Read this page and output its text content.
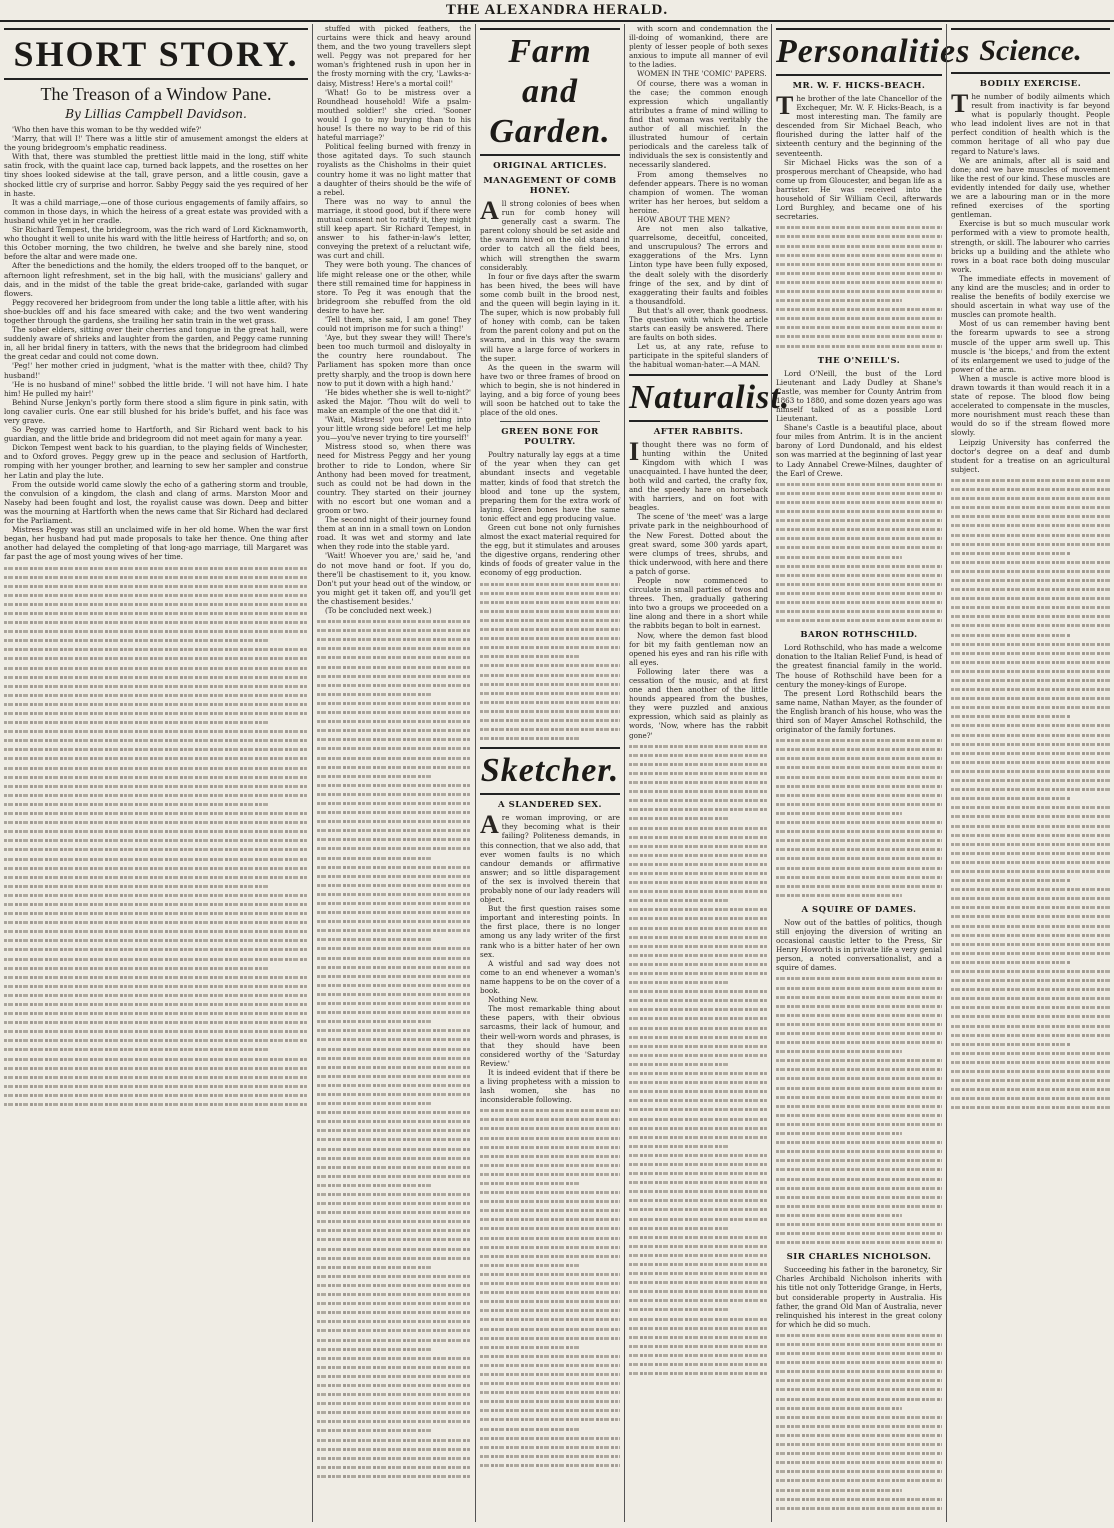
THE ALEXANDRA HERALD.
SHORT STORY.
The Treason of a Window Pane.
By Lillias Campbell Davidson.

'Who then have this woman to be thy wedded wife?'

'Marry, that will I!' There was a little stir of amusement amongst the elders at the young bridegroom's emphatic readiness.

With that, there was stumbled the prettiest little maid in the long, stiff white satin frock, with the quaint lace cap, turned back lappets, and the rosettes on her tiny shoes looked sidewise at the tall, grave person, and a little cousin, gave a shocked little cry of surprise and horror. Sabby Peggy said the yes required of her in haste.

It was a child marriage,—one of those curious engagements of family affairs, so common in those days, in which the heiress of a great estate was provided with a husband while yet in her cradle.

Sir Richard Tempest, the bridegroom, was the rich ward of Lord Kicknamworth, who thought it well to unite his ward with the little heiress of Hartforth; and so, on this October morning, the two children, he twelve and she barely nine, stood before the altar and were made one.

After the benedictions and the homily, the elders trooped off to the banquet, or afternoon light refreshment, set in the big hall, with the musicians' gallery and dais, and in the midst of the table the great bride-cake, garlanded with sugar flowers.

Peggy recovered her bridegroom from under the long table a little after, with his shoe-buckles off and his face smeared with cake; and the two went wandering together through the gardens, she trailing her satin train in the wet grass.

The sober elders, sitting over their cherries and tongue in the great hall, were suddenly aware of shrieks and laughter from the garden, and Peggy came running in, all her bridal finery in tatters, with the news that the bridegroom had climbed the great cedar and could not come down.

'Peg!' her mother cried in judgment, 'what is the matter with thee, child? Thy husband!'

'He is no husband of mine!' sobbed the little bride. 'I will not have him. I hate him! He pulled my hair!'

Behind Nurse Jenkyn's portly form there stood a slim figure in pink satin, with long cavalier curls. One ear still blushed for his bride's buffet, and his face was very grave.

So Peggy was carried home to Hartforth, and Sir Richard went back to his guardian, and the little bride and bridegroom did not meet again for many a year.

Dickon Tempest went back to his guardian, to the playing fields of Winchester, and to Oxford groves. Peggy grew up in the peace and seclusion of Hartforth, romping with her younger brother, and learning to sew her sampler and construe her Latin and play the lute.

From the outside world came slowly the echo of a gathering storm and trouble, the convulsion of a kingdom, the clash and clang of arms. Marston Moor and Naseby had been fought and lost, the royalist cause was down. Deep and bitter was the mourning at Hartforth when the news came that Sir Richard had declared for the Parliament.

Mistress Peggy was still an unclaimed wife in her old home. When the war first began, her husband had put made proposals to take her thence. One thing after another had delayed the completing of that long-ago marriage, till Margaret was far past the age of most young wives of her time.

stuffed with picked feathers, the curtains were thick and heavy around them, and the two young travellers slept well. Peggy was not prepared for her woman's frightened rush in upon her in the frosty morning with the cry, 'Lawks-a-daisy, Mistress! Here's a mortal coil!'

'What! Go to be mistress over a Roundhead household! Wife a psalm-mouthed soldier!' she cried. 'Sooner would I go to my burying than to his house! Is there no way to be rid of this hateful marriage?'

Political feeling burned with frenzy in those agitated days. To such staunch royalists as the Chisholms in their quiet country home it was no light matter that a daughter of theirs should be the wife of a rebel.

There was no way to annul the marriage, it stood good, but if there were mutual consent not to ratify it, they might still keep apart. Sir Richard Tempest, in answer to his father-in-law's letter, conveying the pretext of a reluctant wife, was curt and chill.

They were both young. The chances of life might release one or the other, while there still remained time for happiness in store. To Peg it was enough that the bridegroom she rebuffed from the old desire to have her.

'Tell them, she said, I am gone! They could not imprison me for such a thing!'

'Aye, but they swear they will! There's been too much turmoil and disloyalty in the country here roundabout. The Parliament has spoken more than once pretty sharply, and the troop is down here now to put it down with a high hand.'

'He bides whether she is well to-night?' asked the Major. 'Thou wilt do well to make an example of the one that did it.'

'Wait, Mistress! you are getting into your little wrong side before! Let me help you—you've never trying to tire yourself!'

Mistress stood so, when there was need for Mistress Peggy and her young brother to ride to London, where Sir Anthony had been moved for treatment, such as could not be had down in the country. They started on their journey with no escort but one woman and a groom or two.

The second night of their journey found them at an inn in a small town on London road. It was wet and stormy and late when they rode into the stable yard.

'Wait! Whoever you are,' said he, 'and do not move hand or foot. If you do, there'll be chastisement to it, you know. Don't put your head out of the window, or you might get it taken off, and you'll get the chastisement besides.'

(To be concluded next week.)

Farm and Garden.
ORIGINAL ARTICLES.
MANAGEMENT OF COMB HONEY.

All strong colonies of bees when run for comb honey will generally cast a swarm. The parent colony should be set aside and the swarm hived on the old stand in order to catch all the field bees, which will strengthen the swarm considerably.

In four or five days after the swarm has been hived, the bees will have some comb built in the brood nest, and the queen will begin laying in it. The super, which is now probably full of honey with comb, can be taken from the parent colony and put on the swarm, and in this way the swarm will have a large force of workers in the super.

As the queen in the swarm will have two or three frames of brood on which to begin, she is not hindered in laying, and a big force of young bees will soon be hatched out to take the place of the old ones.

GREEN BONE FOR POULTRY.

Poultry naturally lay eggs at a time of the year when they can get abundant insects and vegetable matter, kinds of food that stretch the blood and tone up the system, preparing them for the extra work of laying. Green bones have the same tonic effect and egg producing value.

Green cut bone not only furnishes almost the exact material required for the egg, but it stimulates and arouses the digestive organs, rendering other kinds of foods of greater value in the economy of egg production.

Sketcher.
A SLANDERED SEX.

Are woman improving, or are they becoming what is their failing? Politeness demands, in this connection, that we also add, that ever women faults is no which candour demands or affirmative answer; and so little disparagement of the sex is involved therein that probably none of our lady readers will object.

But the first question raises some important and interesting points. In the first place, there is no longer among us any lady writer of the first rank who is a bitter hater of her own sex.

A wistful and sad way does not come to an end whenever a woman's name happens to be on the cover of a book.

Nothing New.

The most remarkable thing about these papers, with their obvious sarcasms, their lack of humour, and their well-worn words and phrases, is that they should have been considered worthy of the 'Saturday Review.'

It is indeed evident that if there be a living prophetess with a mission to lash women, she has no inconsiderable following.

with scorn and condemnation the ill-doing of womankind, there are plenty of lesser people of both sexes anxious to impute all manner of evil to the ladies.

WOMEN IN THE 'COMIC' PAPERS.

Of course, there was a woman in the case; the common enough expression which ungallantly attributes a frame of mind willing to find that woman was veritably the author of all mischief. In the illustrated humour of certain periodicals and the careless talk of individuals the sex is consistently and necessarily slandered.

From among themselves no defender appears. There is no woman champion of women. The woman writer has her heroes, but seldom a heroine.

HOW ABOUT THE MEN?

Are not men also talkative, quarrelsome, deceitful, conceited, and unscrupulous? The errors and exaggerations of the Mrs. Lynn Linton type have been fully exposed, the dealt solely with the disorderly fringe of the sex, and by dint of exaggerating their faults and foibles a thousandfold.

But that's all over, thank goodness. The question with which the article starts can easily be answered. There are faults on both sides.

Let us, at any rate, refuse to participate in the spiteful slanders of the habitual woman-hater.—A MAN.

Naturalist.
AFTER RABBITS.

I thought there was no form of hunting within the United Kingdom with which I was unacquainted. I have hunted the deer, both wild and carted, the crafty fox, and the speedy hare on horseback with harriers, and on foot with beagles.

The scene of 'the meet' was a large private park in the neighbourhood of the New Forest. Dotted about the great sward, some 300 yards apart, were clumps of trees, shrubs, and thick underwood, with here and there a patch of gorse.

People now commenced to circulate in small parties of twos and threes. Then, gradually gathering into two a groups we proceeded on a line along and there in a short while the rabbits began to bolt in earnest.

Now, where the demon fast blood for bit my faith gentleman now an opened his eyes and ran his rifle with all eyes.

Following later there was a cessation of the music, and at first one and then another of the little hounds appeared from the bushes, they were puzzled and anxious expression, which said as plainly as words, 'Now, where has the rabbit gone?'

Personalities
MR. W. F. HICKS-BEACH.

The brother of the late Chancellor of the Exchequer, Mr. W. F. Hicks-Beach, is a most interesting man. The family are descended from Sir Michael Beach, who flourished during the latter half of the sixteenth century and the beginning of the seventeenth.

Sir Michael Hicks was the son of a prosperous merchant of Cheapside, who had come up from Gloucester, and began life as a barrister. He was received into the household of Sir William Cecil, afterwards Lord Burghley, and became one of his secretaries.

THE O'NEILL'S.

Lord O'Neill, the bust of the Lord Lieutenant and Lady Dudley at Shane's Castle, was member for County Antrim from 1863 to 1880, and some dozen years ago was himself talked of as a possible Lord Lieutenant.

Shane's Castle is a beautiful place, about four miles from Antrim. It is in the ancient barony of Lord Dundonald, and his eldest son was married at the beginning of last year to Lady Annabel Crewe-Milnes, daughter of the Earl of Crewe.

BARON ROTHSCHILD.

Lord Rothschild, who has made a welcome donation to the Italian Relief Fund, is head of the greatest financial family in the world. The house of Rothschild have been for a century the money-kings of Europe.

The present Lord Rothschild bears the same name, Nathan Mayer, as the founder of the English branch of his house, who was the third son of Mayer Amschel Rothschild, the originator of the family fortunes.

A SQUIRE OF DAMES.

Now out of the battles of politics, though still enjoying the diversion of writing an occasional caustic letter to the Press, Sir Henry Howorth is in private life a very genial person, a noted conversationalist, and a squire of dames.

SIR CHARLES NICHOLSON.

Succeeding his father in the baronetcy, Sir Charles Archibald Nicholson inherits with his title not only Totteridge Grange, in Herts, but considerable property in Australia. His father, the grand Old Man of Australia, never relinquished his interest in the great colony for which he did so much.

Science.
BODILY EXERCISE.

The number of bodily ailments which result from inactivity is far beyond what is popularly thought. People who lead indolent lives are not in that perfect condition of health which is the common heritage of all who pay due regard to Nature's laws.

We are animals, after all is said and done; and we have muscles of movement like the rest of our kind. These muscles are evidently intended for daily use, whether we are a labouring man or in the more refined exercises of the sporting gentleman.

Exercise is but so much muscular work performed with a view to promote health, strength, or skill. The labourer who carries bricks up a building and the athlete who rows in a boat race both doing muscular work.

The immediate effects in movement of any kind are the muscles; and in order to realise the benefits of bodily exercise we should ascertain in what way use of the muscles can promote health.

Most of us can remember having bent the forearm upwards to see a strong muscle of the upper arm swell up. This muscle is 'the biceps,' and from the extent of its enlargement we used to judge of the power of the arm.

When a muscle is active more blood is drawn towards it than would reach it in a state of repose. The blood flow being accelerated to compensate in the muscles, more nourishment must reach these than would do so if the stream flowed more slowly.

Leipzig University has conferred the doctor's degree on a deaf and dumb student for a treatise on an agricultural subject.
